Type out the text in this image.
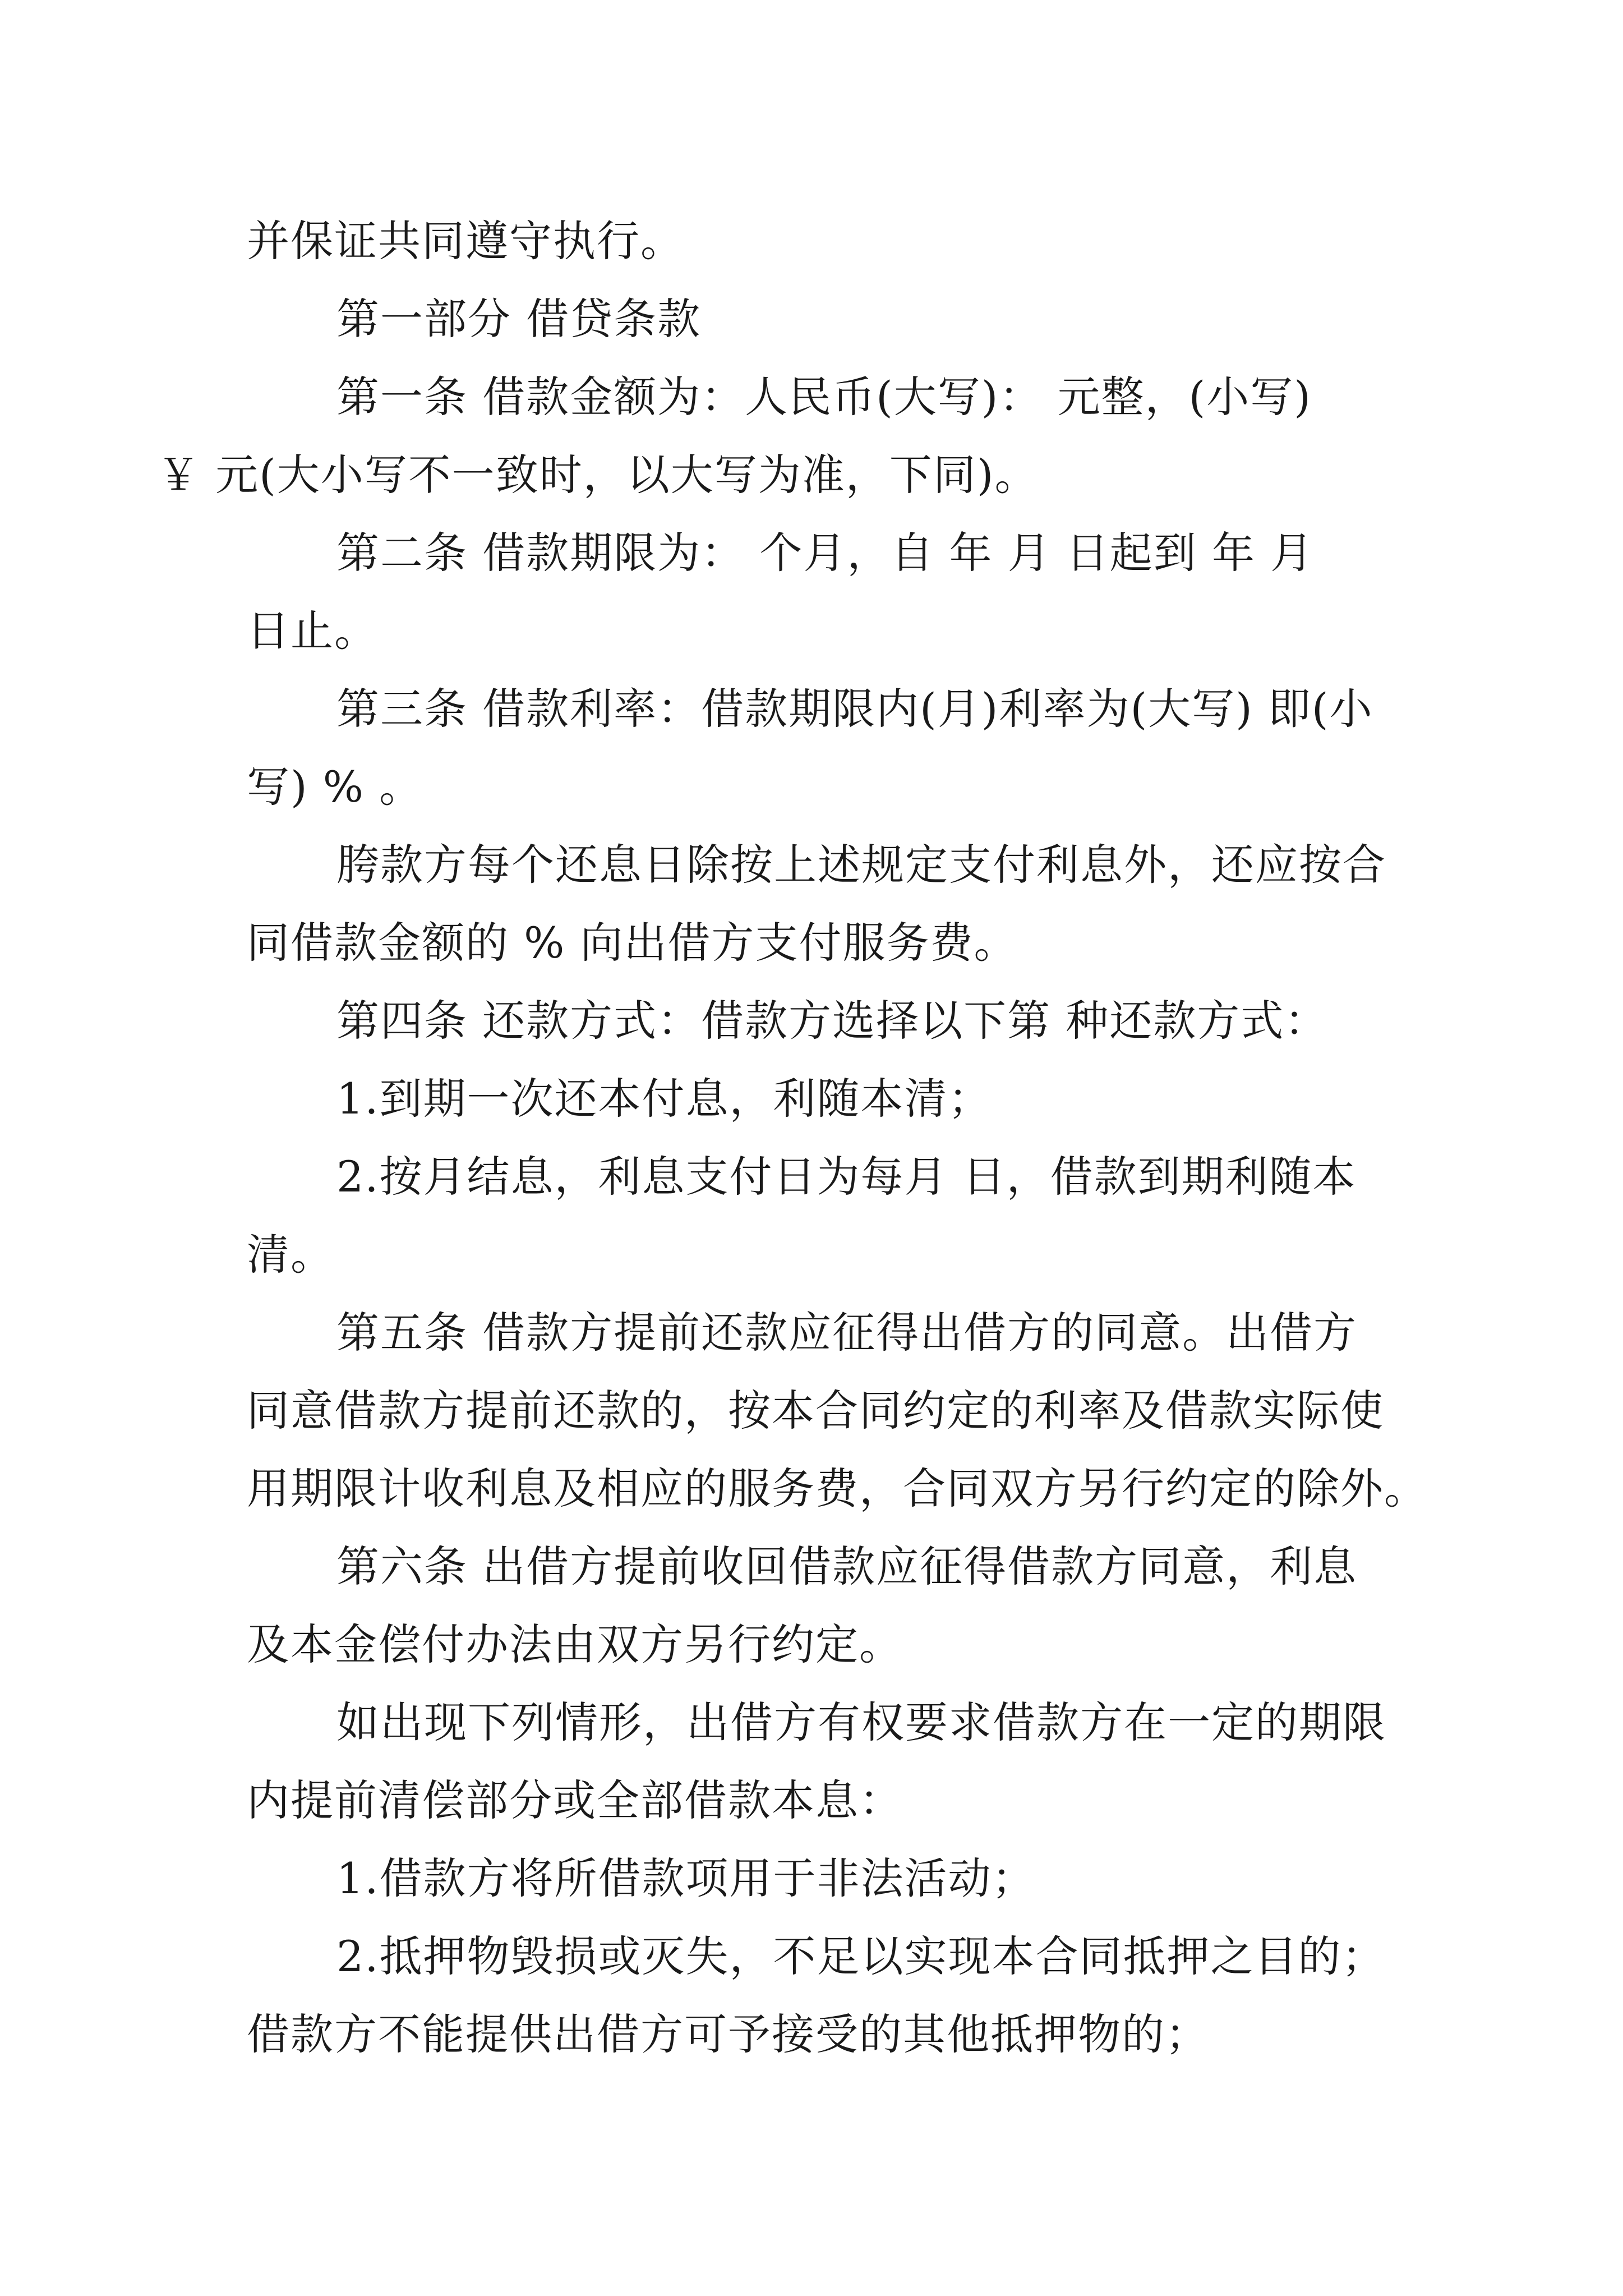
并保证共同遵守执行。

第一部分 借贷条款

第一条 借款金额为：人民币(大写)： 元整，(小写)
￥ 元(大小写不一致时，以大写为准，下同)。

第二条 借款期限为： 个月，自 年 月 日起到 年 月
日止。

第三条 借款利率：借款期限内(月)利率为(大写) 即(小
写) % 。

胯款方每个还息日除按上述规定支付利息外，还应按合
同借款金额的 % 向出借方支付服务费。

第四条 还款方式：借款方选择以下第 种还款方式：

1.到期一次还本付息，利随本清；

2.按月结息，利息支付日为每月 日，借款到期利随本
清。

第五条 借款方提前还款应征得出借方的同意。出借方
同意借款方提前还款的，按本合同约定的利率及借款实际使
用期限计收利息及相应的服务费，合同双方另行约定的除外。

第六条 出借方提前收回借款应征得借款方同意，利息
及本金偿付办法由双方另行约定。

如出现下列情形，出借方有权要求借款方在一定的期限
内提前清偿部分或全部借款本息：

1.借款方将所借款项用于非法活动；

2.抵押物毁损或灭失，不足以实现本合同抵押之目的；
借款方不能提供出借方可予接受的其他抵押物的；
